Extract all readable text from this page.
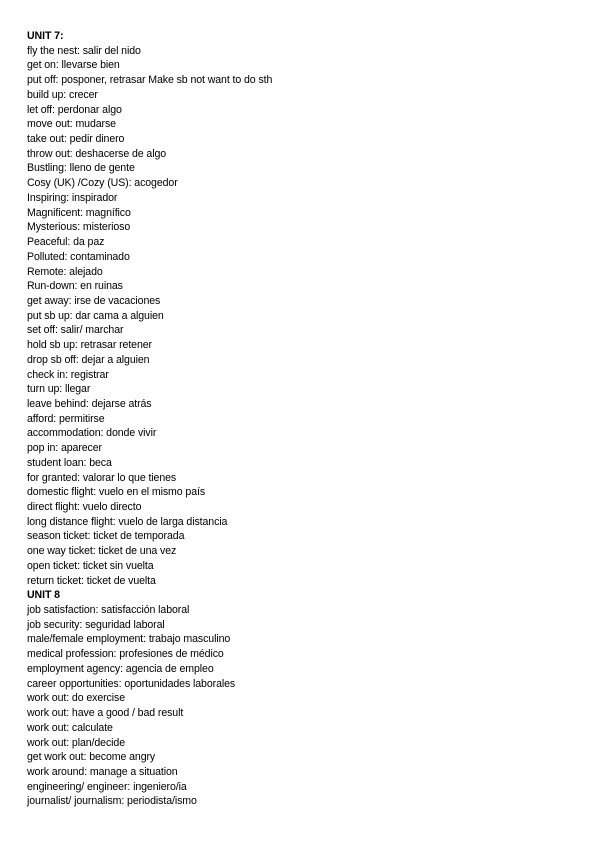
UNIT 7:
fly the nest: salir del nido
get on: llevarse bien
put off: posponer, retrasar Make sb not want to do sth
build up: crecer
let off: perdonar algo
move out: mudarse
take out: pedir dinero
throw out: deshacerse de algo
Bustling: lleno de gente
Cosy (UK) /Cozy (US): acogedor
Inspiring: inspirador
Magnificent: magnífico
Mysterious: misterioso
Peaceful: da paz
Polluted: contaminado
Remote: alejado
Run-down: en ruinas
get away: irse de vacaciones
put sb up: dar cama a alguien
set off: salir/ marchar
hold sb up: retrasar retener
drop sb off: dejar a alguien
check in: registrar
turn up: llegar
leave behind: dejarse atrás
afford: permitirse
accommodation: donde vivir
pop in: aparecer
student loan: beca
for granted: valorar lo que tienes
domestic flight: vuelo en el mismo país
direct flight: vuelo directo
long distance flight: vuelo de larga distancia
season ticket: ticket de temporada
one way ticket: ticket de una vez
open ticket: ticket sin vuelta
return ticket: ticket de vuelta
UNIT 8
job satisfaction: satisfacción laboral
job security: seguridad laboral
male/female employment: trabajo masculino
medical profession: profesiones de médico
employment agency: agencia de empleo
career opportunities: oportunidades laborales
work out: do exercise
work out: have a good / bad result
work out: calculate
work out: plan/decide
get work out: become angry
work around: manage a situation
engineering/ engineer: ingeniero/ia
journalist/ journalism: periodista/ismo
